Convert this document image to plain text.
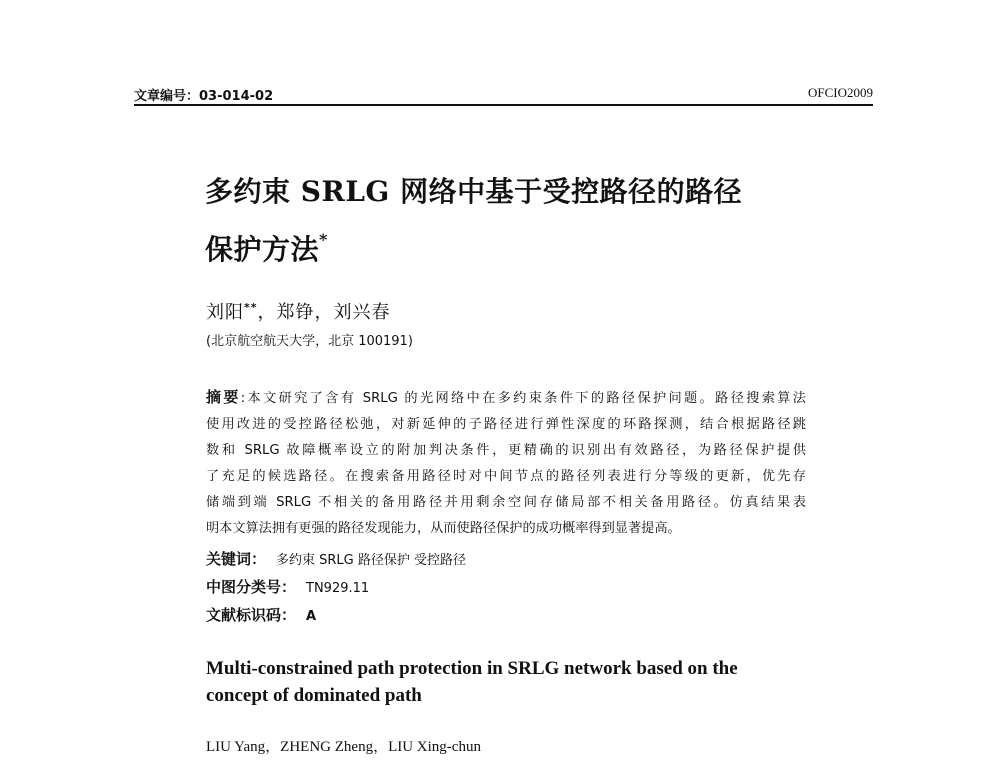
文章编号：03-014-02	OFCIO2009
多约束 SRLG 网络中基于受控路径的路径
保护方法*
刘阳**，郑铮，刘兴春
(北京航空航天大学，北京 100191)
摘要:本文研究了含有 SRLG 的光网络中在多约束条件下的路径保护问题。路径搜索算法
使用改进的受控路径松弛，对新延伸的子路径进行弹性深度的环路探测，结合根据路径跳
数和 SRLG 故障概率设立的附加判决条件，更精确的识别出有效路径，为路径保护提供
了充足的候选路径。在搜索备用路径时对中间节点的路径列表进行分等级的更新，优先存
储端到端 SRLG 不相关的备用路径并用剩余空间存储局部不相关备用路径。仿真结果表
明本文算法拥有更强的路径发现能力，从而使路径保护的成功概率得到显著提高。
关键词： 多约束 SRLG 路径保护 受控路径
中图分类号： TN929.11
文献标识码： A
Multi-constrained path protection in SRLG network based on the
concept of dominated path
LIU Yang，ZHENG Zheng，LIU Xing-chun
